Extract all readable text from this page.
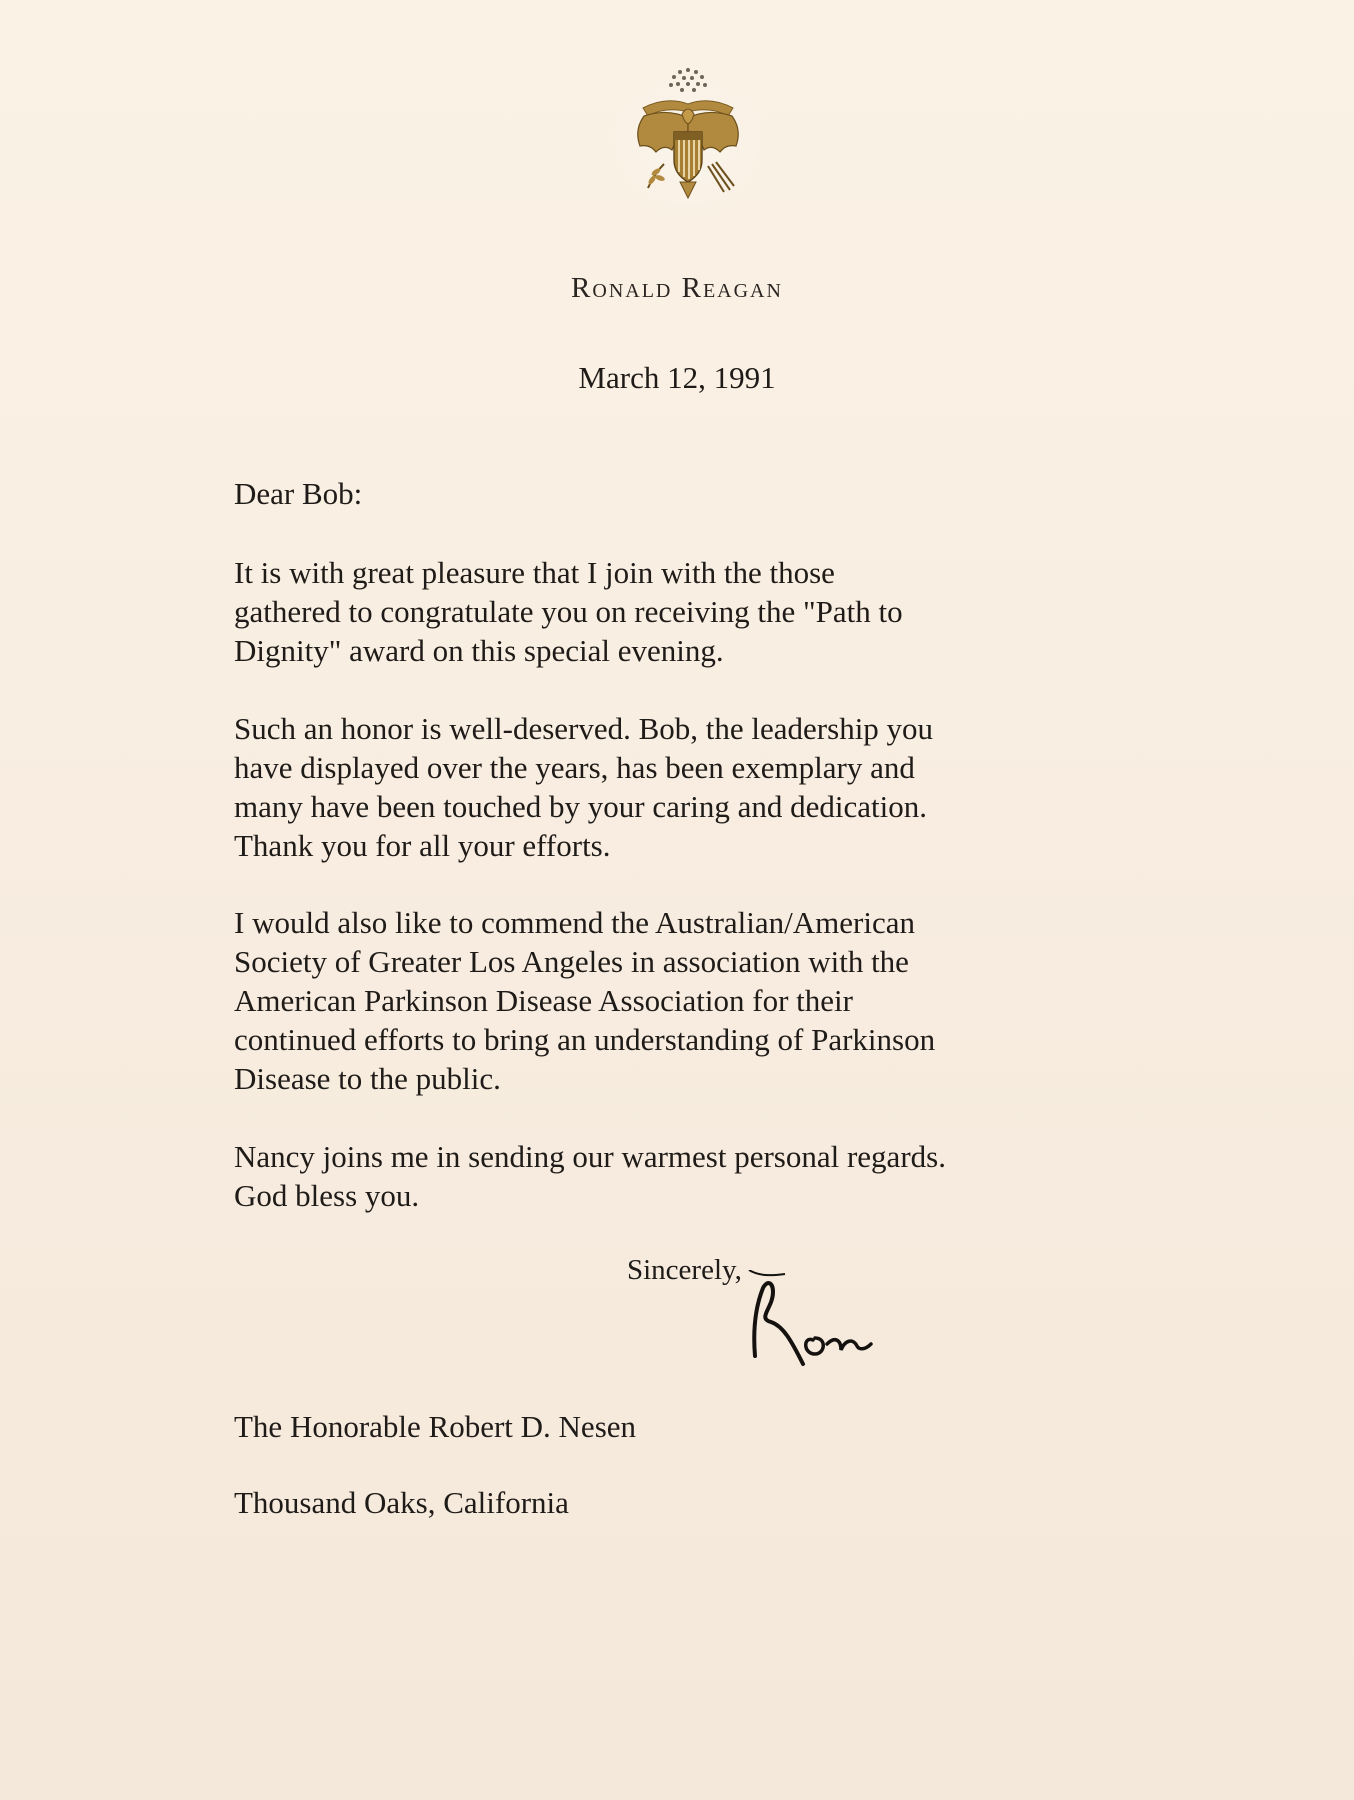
Ronald Reagan
March 12, 1991
Dear Bob:
It is with great pleasure that I join with the those
gathered to congratulate you on receiving the "Path to
Dignity" award on this special evening.
Such an honor is well-deserved. Bob, the leadership you
have displayed over the years, has been exemplary and
many have been touched by your caring and dedication.
Thank you for all your efforts.
I would also like to commend the Australian/American
Society of Greater Los Angeles in association with the
American Parkinson Disease Association for their
continued efforts to bring an understanding of Parkinson
Disease to the public.
Nancy joins me in sending our warmest personal regards.
God bless you.
Sincerely,
The Honorable Robert D. Nesen
Thousand Oaks, California
